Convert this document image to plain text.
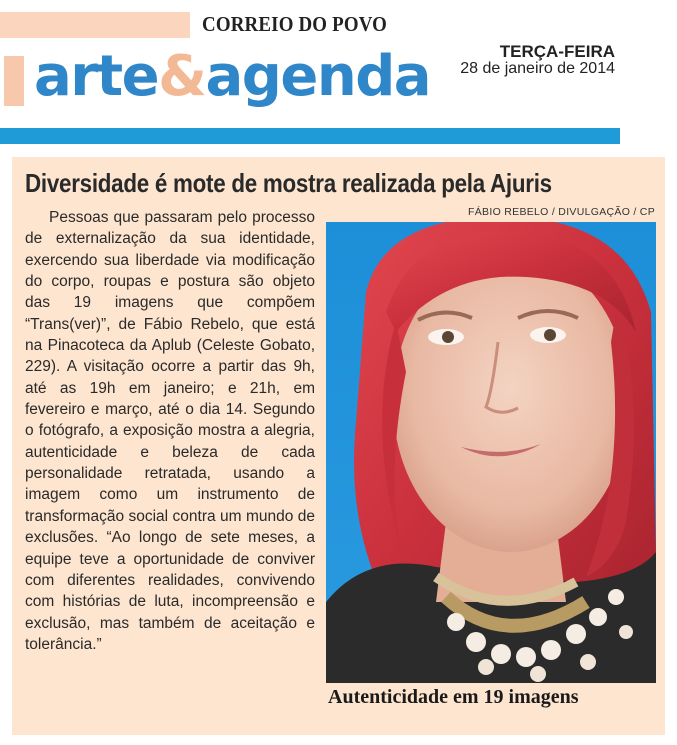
CORREIO DO POVO
arte&agenda	TERÇA-FEIRA
28 de janeiro de 2014
Diversidade é mote de mostra realizada pela Ajuris
FÁBIO REBELO / DIVULGAÇÃO / CP

Pessoas que passaram pelo processo de externalização da sua identidade, exercendo sua liberdade via modificação do corpo, roupas e postura são objeto das 19 imagens que compõem “Trans(ver)”, de Fábio Rebelo, que está na Pinacoteca da Aplub (Celeste Gobato, 229). A visitação ocorre a partir das 9h, até as 19h em janeiro; e 21h, em fevereiro e março, até o dia 14. Segundo o fotógrafo, a exposição mostra a alegria, autenticidade e beleza de cada personalidade retratada, usando a imagem como um instrumento de transformação social contra um mundo de exclusões. “Ao longo de sete meses, a equipe teve a oportunidade de conviver com diferentes realidades, convivendo com histórias de luta, incompreensão e exclusão, mas também de aceitação e tolerância.”

Autenticidade em 19 imagens
